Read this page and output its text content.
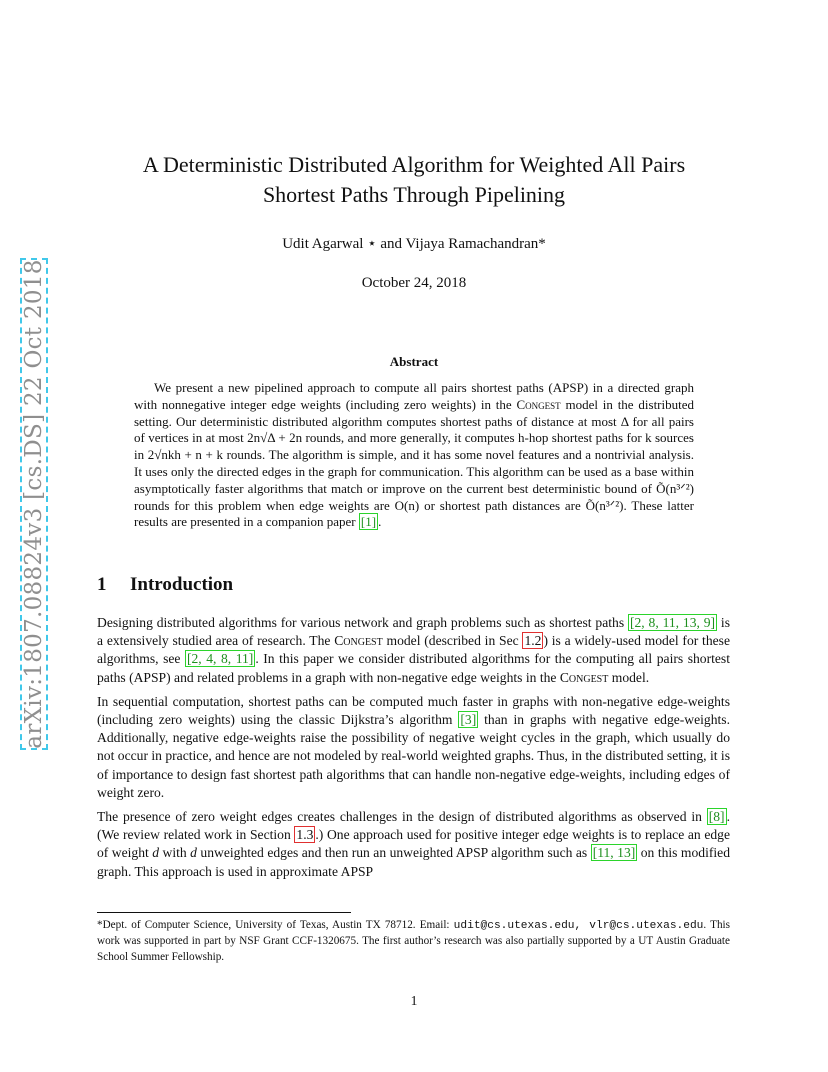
arXiv:1807.08824v3 [cs.DS] 22 Oct 2018
A Deterministic Distributed Algorithm for Weighted All Pairs
Shortest Paths Through Pipelining
Udit Agarwal ⋆ and Vijaya Ramachandran*
October 24, 2018
Abstract

We present a new pipelined approach to compute all pairs shortest paths (APSP) in a directed graph with nonnegative integer edge weights (including zero weights) in the Congest model in the distributed setting. Our deterministic distributed algorithm computes shortest paths of distance at most Δ for all pairs of vertices in at most 2n√Δ + 2n rounds, and more generally, it computes h-hop shortest paths for k sources in 2√nkh + n + k rounds. The algorithm is simple, and it has some novel features and a nontrivial analysis. It uses only the directed edges in the graph for communication. This algorithm can be used as a base within asymptotically faster algorithms that match or improve on the current best deterministic bound of Õ(n³ᐟ²) rounds for this problem when edge weights are O(n) or shortest path distances are Õ(n³ᐟ²). These latter results are presented in a companion paper [1] .

1 Introduction

Designing distributed algorithms for various network and graph problems such as shortest paths [2, 8, 11, 13, 9] is a extensively studied area of research. The Congest model (described in Sec 1.2 ) is a widely-used model for these algorithms, see [2, 4, 8, 11] . In this paper we consider distributed algorithms for the computing all pairs shortest paths (APSP) and related problems in a graph with non-negative edge weights in the Congest model.

In sequential computation, shortest paths can be computed much faster in graphs with non-negative edge-weights (including zero weights) using the classic Dijkstra’s algorithm [3] than in graphs with negative edge-weights. Additionally, negative edge-weights raise the possibility of negative weight cycles in the graph, which usually do not occur in practice, and hence are not modeled by real-world weighted graphs. Thus, in the distributed setting, it is of importance to design fast shortest path algorithms that can handle non-negative edge-weights, including edges of weight zero.

The presence of zero weight edges creates challenges in the design of distributed algorithms as observed in [8] . (We review related work in Section 1.3 .) One approach used for positive integer edge weights is to replace an edge of weight d with d unweighted edges and then run an unweighted APSP algorithm such as [11, 13] on this modified graph. This approach is used in approximate APSP

*Dept. of Computer Science, University of Texas, Austin TX 78712. Email: udit@cs.utexas.edu, vlr@cs.utexas.edu. This work was supported in part by NSF Grant CCF-1320675. The first author’s research was also partially supported by a UT Austin Graduate School Summer Fellowship.

1
